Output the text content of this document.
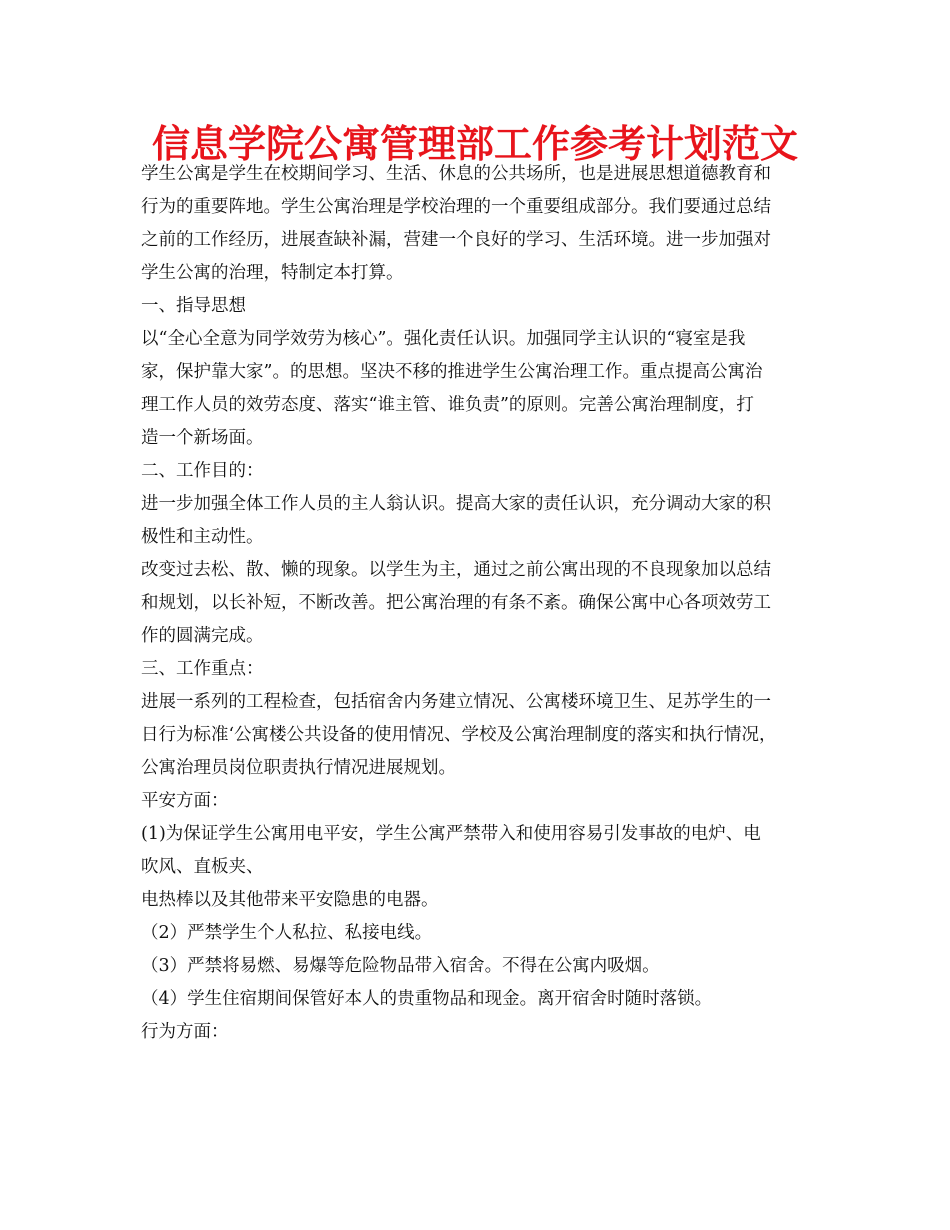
信息学院公寓管理部工作参考计划范文
学生公寓是学生在校期间学习、生活、休息的公共场所，也是进展思想道德教育和
行为的重要阵地。学生公寓治理是学校治理的一个重要组成部分。我们要通过总结
之前的工作经历，进展查缺补漏，营建一个良好的学习、生活环境。进一步加强对
学生公寓的治理，特制定本打算。
一、指导思想
以“全心全意为同学效劳为核心”。强化责任认识。加强同学主认识的“寝室是我
家，保护靠大家”。的思想。坚决不移的推进学生公寓治理工作。重点提高公寓治
理工作人员的效劳态度、落实“谁主管、谁负责”的原则。完善公寓治理制度，打
造一个新场面。
二、工作目的：
进一步加强全体工作人员的主人翁认识。提高大家的责任认识，充分调动大家的积
极性和主动性。
改变过去松、散、懒的现象。以学生为主，通过之前公寓出现的不良现象加以总结
和规划，以长补短，不断改善。把公寓治理的有条不紊。确保公寓中心各项效劳工
作的圆满完成。
三、工作重点：
进展一系列的工程检查，包括宿舍内务建立情况、公寓楼环境卫生、足苏学生的一
日行为标准‘公寓楼公共设备的使用情况、学校及公寓治理制度的落实和执行情况，
公寓治理员岗位职责执行情况进展规划。
平安方面：
(1)为保证学生公寓用电平安，学生公寓严禁带入和使用容易引发事故的电炉、电
吹风、直板夹、
电热棒以及其他带来平安隐患的电器。
（2）严禁学生个人私拉、私接电线。
（3）严禁将易燃、易爆等危险物品带入宿舍。不得在公寓内吸烟。
（4）学生住宿期间保管好本人的贵重物品和现金。离开宿舍时随时落锁。
行为方面：
